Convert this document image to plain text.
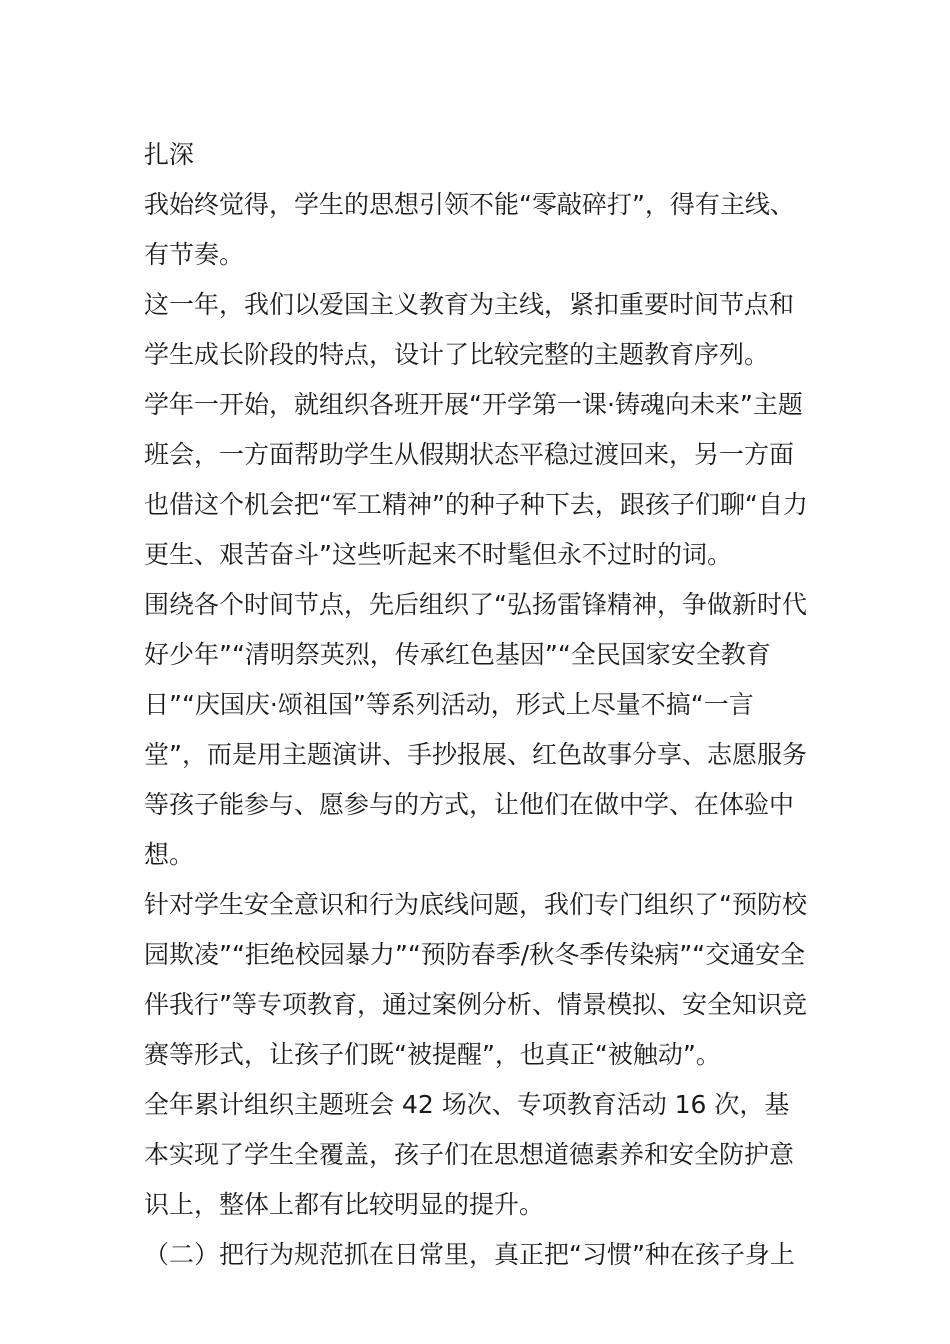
扎深

我始终觉得，学生的思想引领不能“零敲碎打”，得有主线、有节奏。

这一年，我们以爱国主义教育为主线，紧扣重要时间节点和学生成长阶段的特点，设计了比较完整的主题教育序列。

学年一开始，就组织各班开展“开学第一课·铸魂向未来”主题班会，一方面帮助学生从假期状态平稳过渡回来，另一方面也借这个机会把“军工精神”的种子种下去，跟孩子们聊“自力更生、艰苦奋斗”这些听起来不时髦但永不过时的词。

围绕各个时间节点，先后组织了“弘扬雷锋精神，争做新时代好少年”“清明祭英烈，传承红色基因”“全民国家安全教育日”“庆国庆·颂祖国”等系列活动，形式上尽量不搞“一言堂”，而是用主题演讲、手抄报展、红色故事分享、志愿服务等孩子能参与、愿参与的方式，让他们在做中学、在体验中想。

针对学生安全意识和行为底线问题，我们专门组织了“预防校园欺凌”“拒绝校园暴力”“预防春季/秋冬季传染病”“交通安全伴我行”等专项教育，通过案例分析、情景模拟、安全知识竞赛等形式，让孩子们既“被提醒”，也真正“被触动”。

全年累计组织主题班会 42 场次、专项教育活动 16 次，基本实现了学生全覆盖，孩子们在思想道德素养和安全防护意识上，整体上都有比较明显的提升。

（二）把行为规范抓在日常里，真正把“习惯”种在孩子身上
